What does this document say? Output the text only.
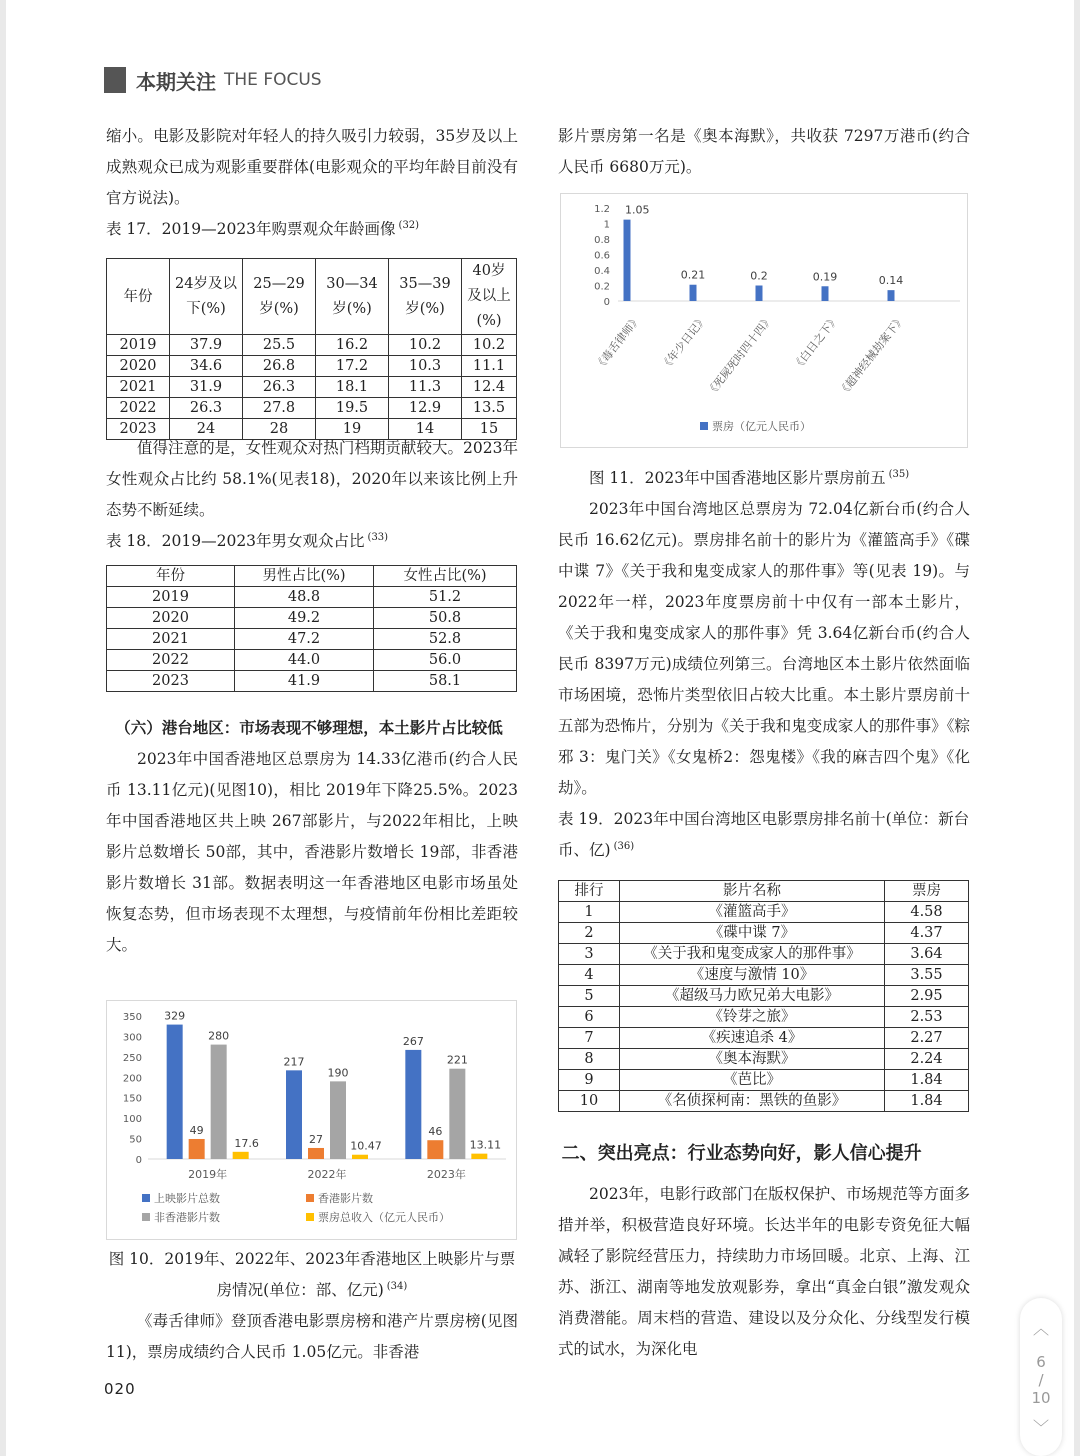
本期关注 THE FOCUS

缩小。电影及影院对年轻人的持久吸引力较弱，35岁及以上成熟观众已成为观影重要群体(电影观众的平均年龄目前没有官方说法)。

表 17．2019—2023年购票观众年龄画像 $^{(32)}$
年份	24岁及以下(%)	25—29岁(%)	30—34岁(%)	35—39岁(%)	40岁及以上(%)
2019	37.9	25.5	16.2	10.2	10.2
2020	34.6	26.8	17.2	10.3	11.1
2021	31.9	26.3	18.1	11.3	12.4
2022	26.3	27.8	19.5	12.9	13.5
2023	24	28	19	14	15

值得注意的是，女性观众对热门档期贡献较大。2023年女性观众占比约 58.1%(见表18)，2020年以来该比例上升态势不断延续。

表 18．2019—2023年男女观众占比 $^{(33)}$
年份	男性占比(%)	女性占比(%)
2019	48.8	51.2
2020	49.2	50.8
2021	47.2	52.8
2022	44.0	56.0
2023	41.9	58.1

（六）港台地区：市场表现不够理想，本土影片占比较低

2023年中国香港地区总票房为 14.33亿港币(约合人民币 13.11亿元)(见图10)，相比 2019年下降25.5%。2023年中国香港地区共上映 267部影片，与2022年相比，上映影片总数增长 50部，其中，香港影片数增长 19部，非香港影片数增长 31部。数据表明这一年香港地区电影市场虽处恢复态势，但市场表现不太理想，与疫情前年份相比差距较大。

0
50
100
150
200
250
300
350 329
49
280
17.6
2019年
217
27
190
10.47
2022年
267
46
221
13.11
2023年
上映影片总数	香港影片数
非香港影片数	票房总收入（亿元人民币）
图 10．2019年、2022年、2023年香港地区上映影片与票房情况(单位：部、亿元) $^{(34)}$

《毒舌律师》登顶香港电影票房榜和港产片票房榜(见图11)，票房成绩约合人民币 1.05亿元。非香港

020

影片票房第一名是《奥本海默》，共收获 7297万港币(约合人民币 6680万元)。

0
0.2
0.4
0.6
0.8
1
1.2 1.05
《毒舌律师》
0.21
《年少日记》
0.2
《死屍死时四十四》
0.19
《白日之下》
0.14
《超神经械劫案下》
票房（亿元人民币）
图 11．2023年中国香港地区影片票房前五 $^{(35)}$

2023年中国台湾地区总票房为 72.04亿新台币(约合人民币 16.62亿元)。票房排名前十的影片为《灌篮高手》《碟中谍 7》《关于我和鬼变成家人的那件事》等(见表 19)。与 2022年一样，2023年度票房前十中仅有一部本土影片，《关于我和鬼变成家人的那件事》凭 3.64亿新台币(约合人民币 8397万元)成绩位列第三。台湾地区本土影片依然面临市场困境，恐怖片类型依旧占较大比重。本土影片票房前十五部为恐怖片，分别为《关于我和鬼变成家人的那件事》《粽邪 3：鬼门关》《女鬼桥2：怨鬼楼》《我的麻吉四个鬼》《化劫》。

表 19．2023年中国台湾地区电影票房排名前十(单位：新台币、亿) $^{(36)}$
排行	影片名称	票房
1	《灌篮高手》	4.58
2	《碟中谍 7》	4.37
3	《关于我和鬼变成家人的那件事》	3.64
4	《速度与激情 10》	3.55
5	《超级马力欧兄弟大电影》	2.95
6	《铃芽之旅》	2.53
7	《疾速追杀 4》	2.27
8	《奥本海默》	2.24
9	《芭比》	1.84
10	《名侦探柯南：黑铁的鱼影》	1.84

二、突出亮点：行业态势向好，影人信心提升

2023年，电影行政部门在版权保护、市场规范等方面多措并举，积极营造良好环境。长达半年的电影专资免征大幅减轻了影院经营压力，持续助力市场回暖。北京、上海、江苏、浙江、湖南等地发放观影券，拿出“真金白银”激发观众消费潜能。周末档的营造、建设以及分众化、分线型发行模式的试水，为深化电

︿
6
/
10
﹀
